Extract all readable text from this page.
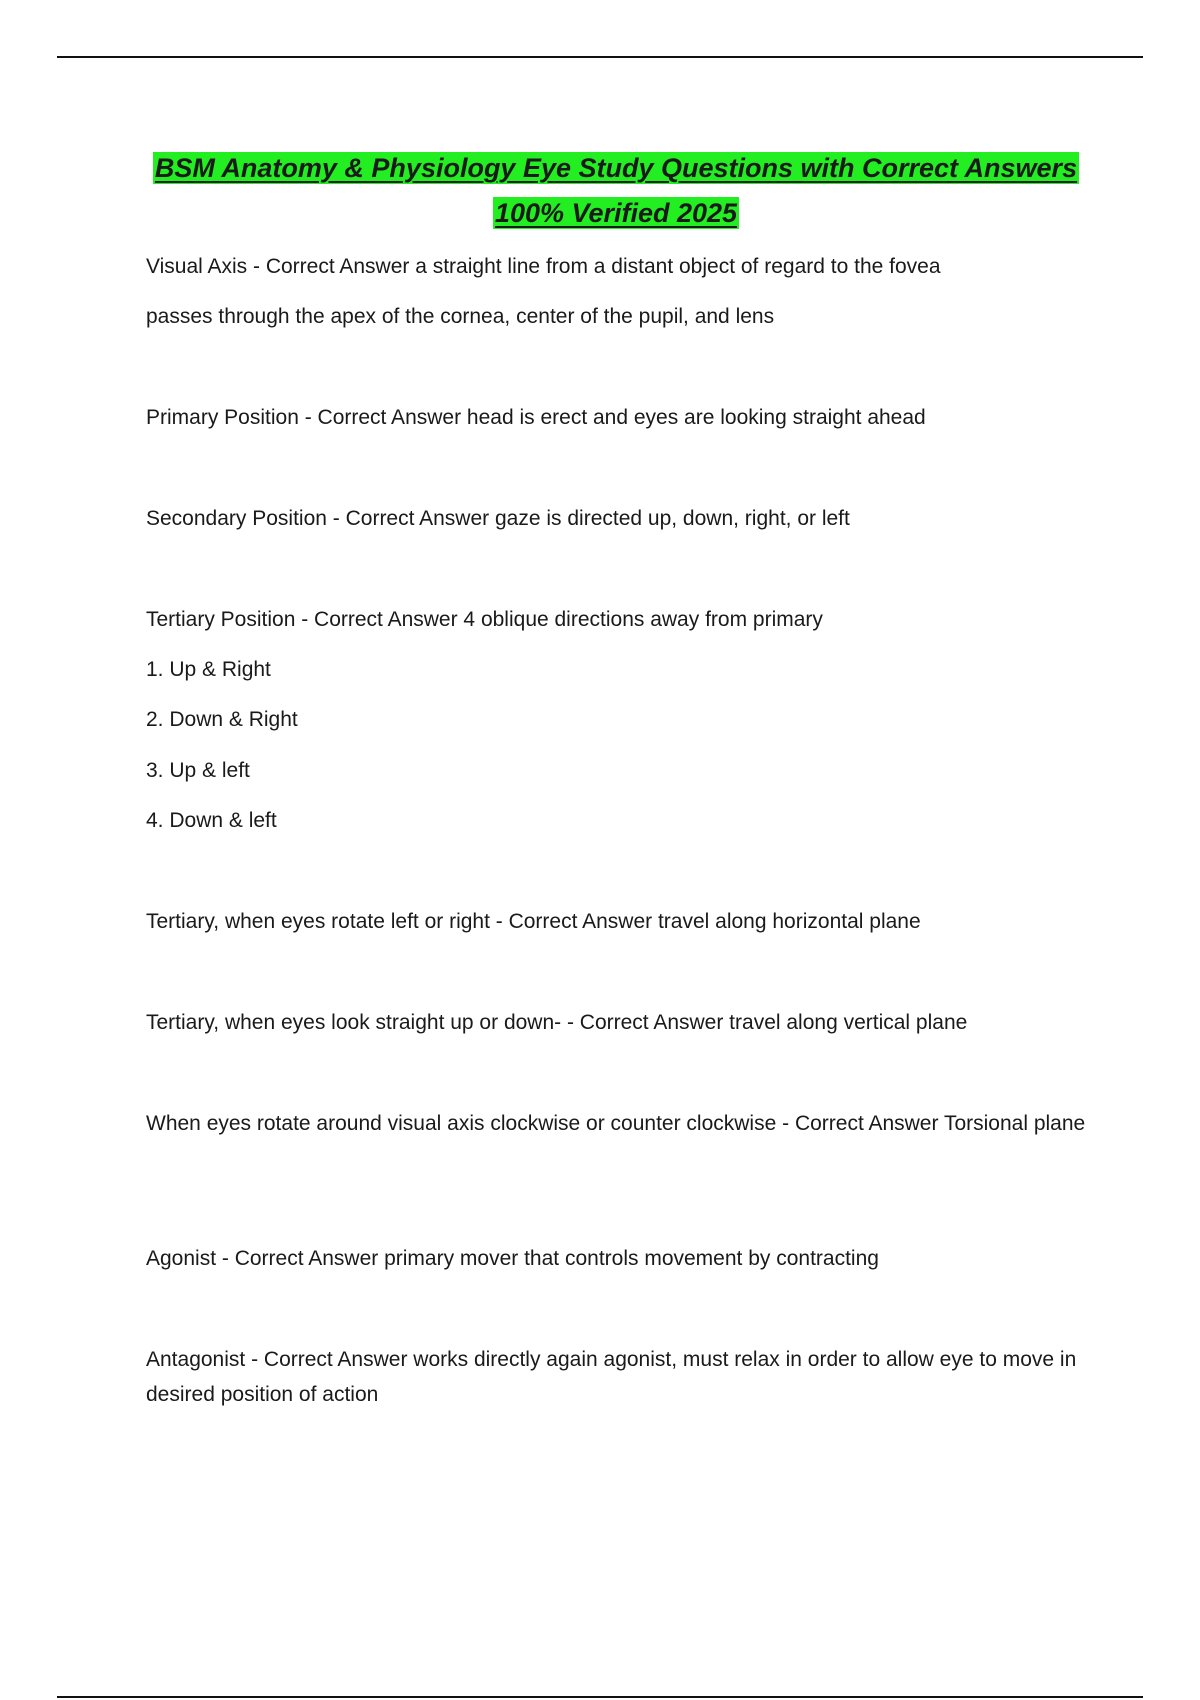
BSM Anatomy & Physiology Eye Study Questions with Correct Answers
100% Verified 2025
Visual Axis - Correct Answer a straight line from a distant object of regard to the fovea
passes through the apex of the cornea, center of the pupil, and lens
Primary Position - Correct Answer head is erect and eyes are looking straight ahead
Secondary Position - Correct Answer gaze is directed up, down, right, or left
Tertiary Position - Correct Answer 4 oblique directions away from primary
1. Up & Right
2. Down & Right
3. Up & left
4. Down & left
Tertiary, when eyes rotate left or right - Correct Answer travel along horizontal plane
Tertiary, when eyes look straight up or down- - Correct Answer travel along vertical plane
When eyes rotate around visual axis clockwise or counter clockwise - Correct Answer Torsional plane
Agonist - Correct Answer primary mover that controls movement by contracting
Antagonist - Correct Answer works directly again agonist, must relax in order to allow eye to move in desired position of action
